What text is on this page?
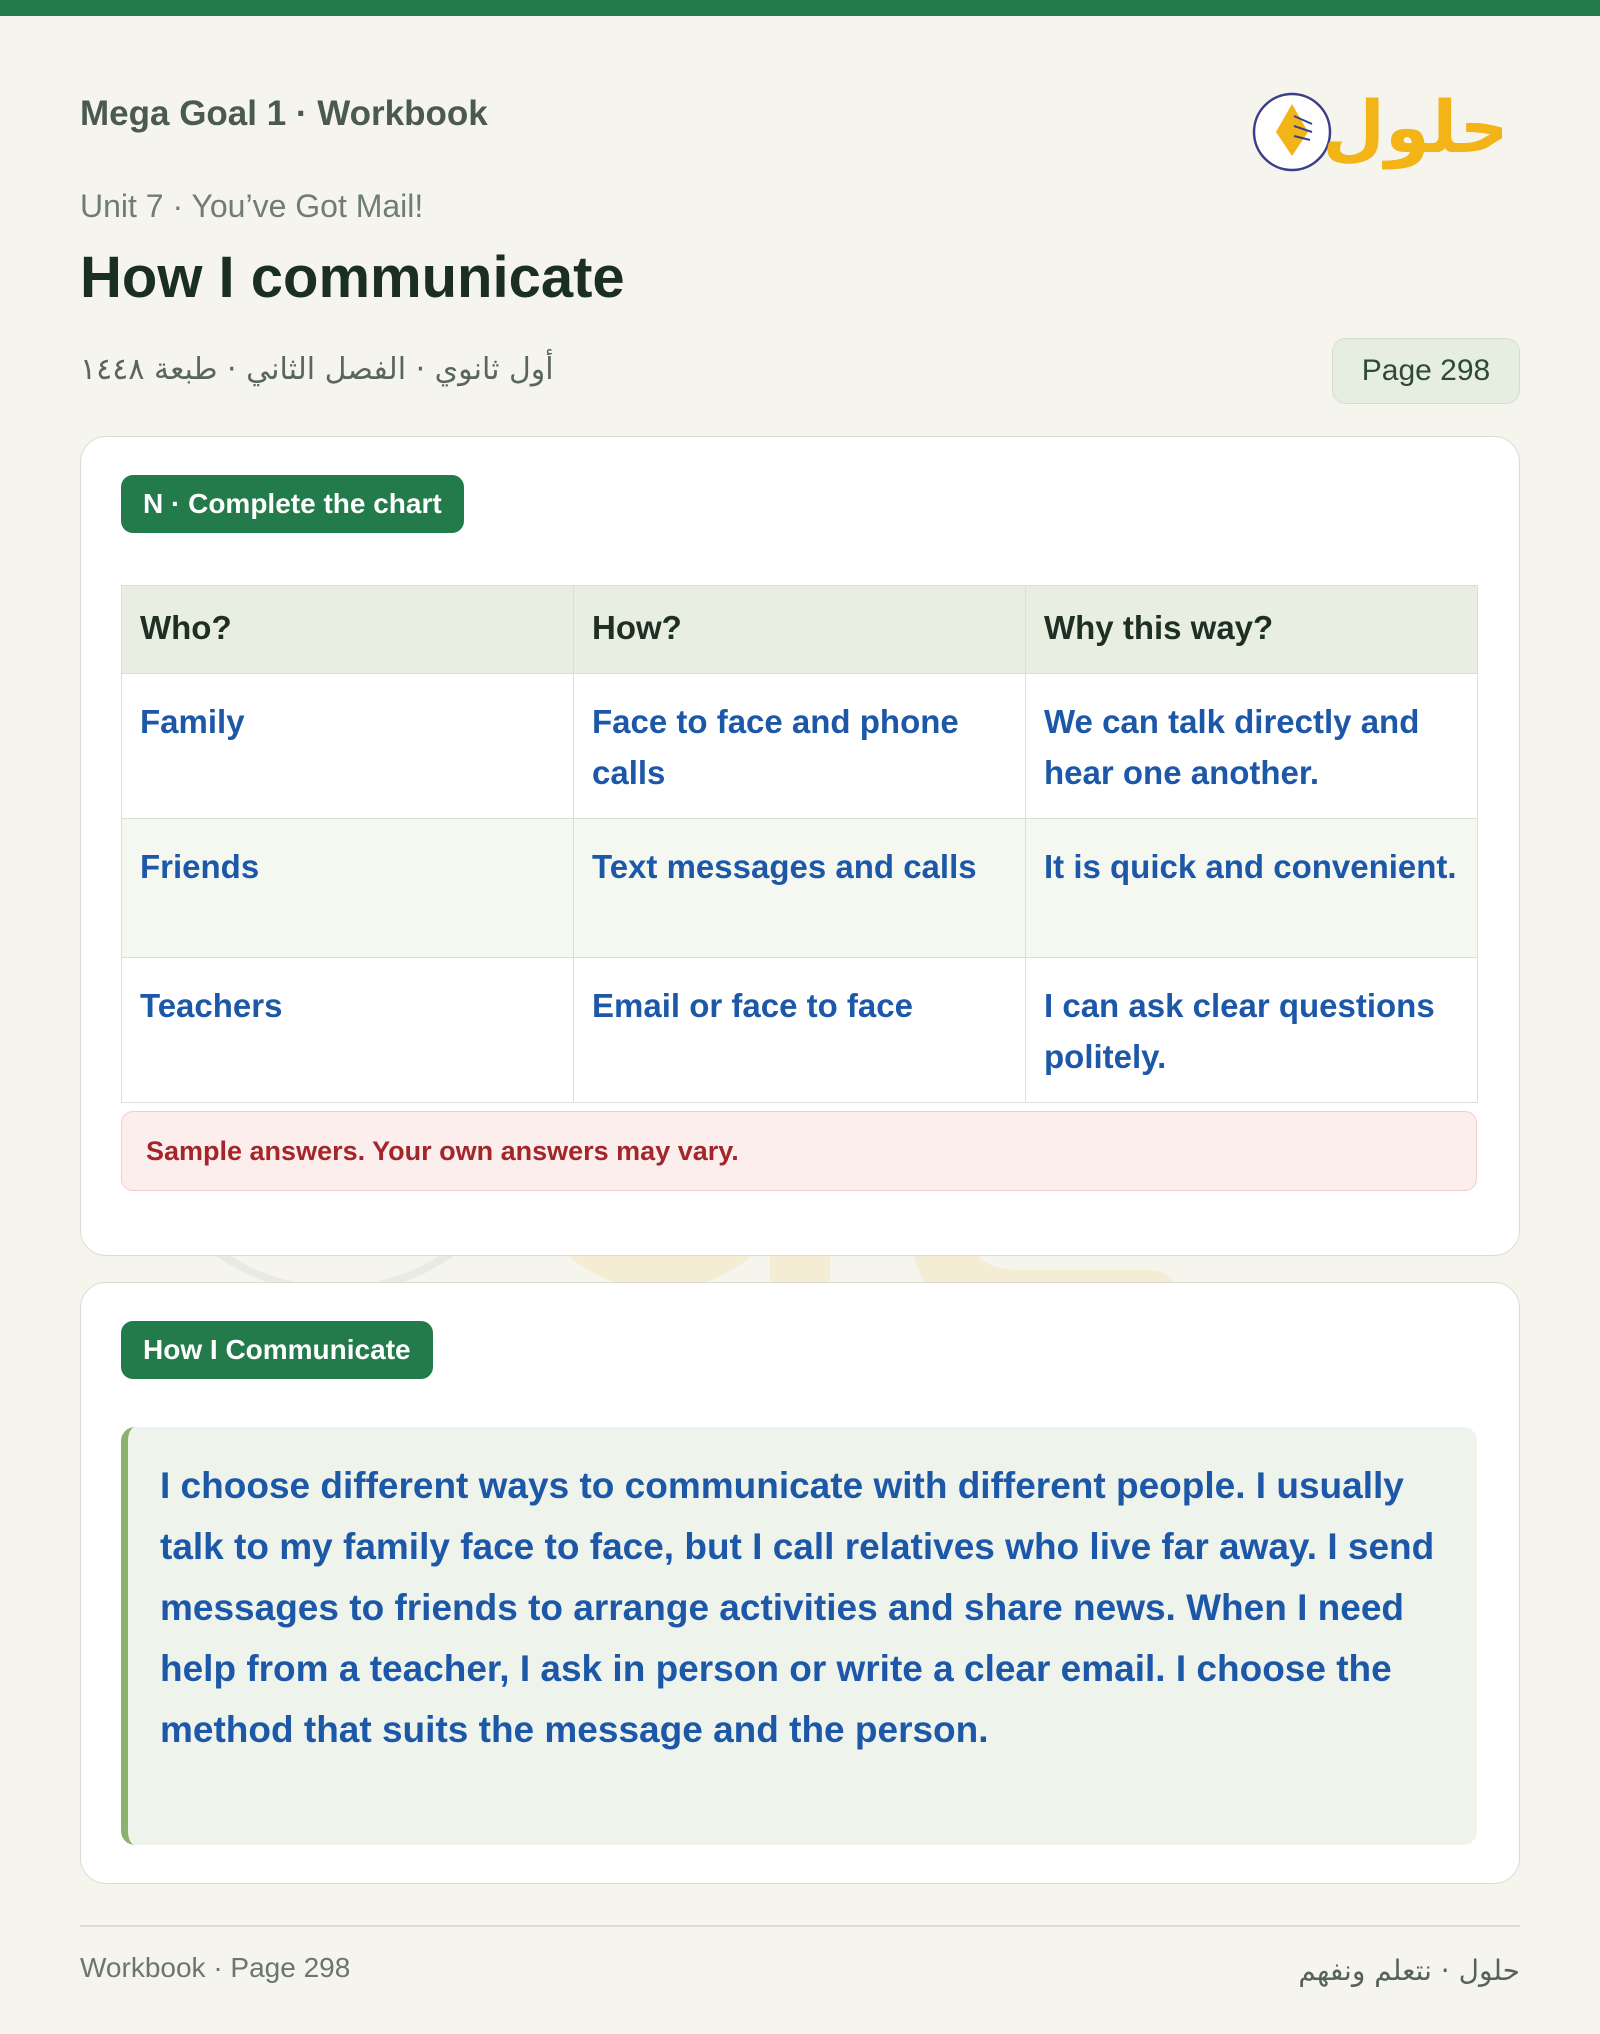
Mega Goal 1 · Workbook	حلول
Unit 7 · You’ve Got Mail!
How I communicate
أول ثانوي · الفصل الثاني · طبعة ١٤٤٨	Page 298
N · Complete the chart
Who?	How?	Why this way?
Family	Face to face and phone calls	We can talk directly and hear one another.
Friends	Text messages and calls	It is quick and convenient.
Teachers	Email or face to face	I can ask clear questions politely.
Sample answers. Your own answers may vary.
How I Communicate

I choose different ways to communicate with different people. I usually talk to my family face to face, but I call relatives who live far away. I send messages to friends to arrange activities and share news. When I need help from a teacher, I ask in person or write a clear email. I choose the method that suits the message and the person.

Workbook · Page 298	حلول · نتعلم ونفهم
